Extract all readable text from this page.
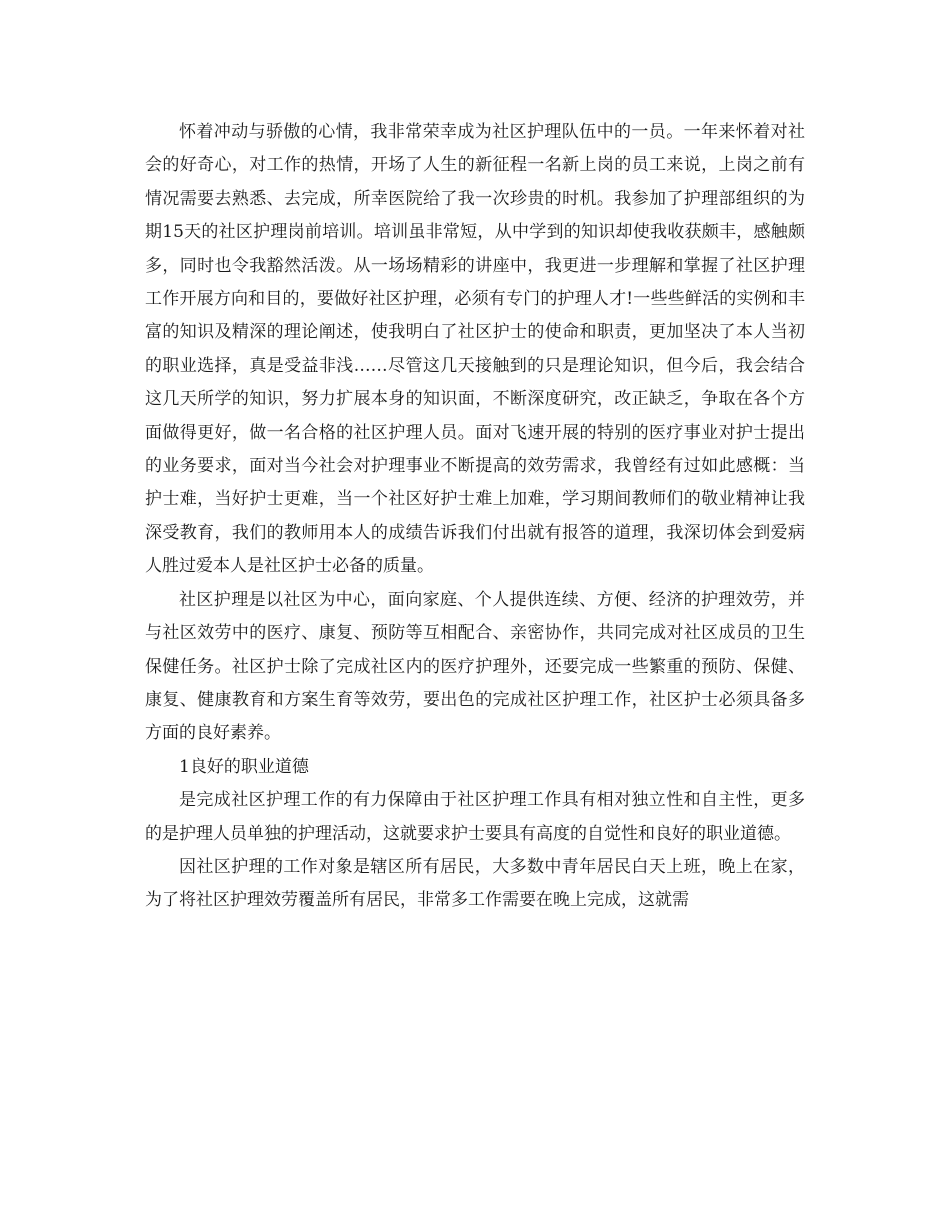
怀着冲动与骄傲的心情，我非常荣幸成为社区护理队伍中的一员。一年来怀着对社会的好奇心，对工作的热情，开场了人生的新征程一名新上岗的员工来说，上岗之前有情况需要去熟悉、去完成，所幸医院给了我一次珍贵的时机。我参加了护理部组织的为期15天的社区护理岗前培训。培训虽非常短，从中学到的知识却使我收获颇丰，感触颇多，同时也令我豁然活泼。从一场场精彩的讲座中，我更进一步理解和掌握了社区护理工作开展方向和目的，要做好社区护理，必须有专门的护理人才!一些些鲜活的实例和丰富的知识及精深的理论阐述，使我明白了社区护士的使命和职责，更加坚决了本人当初的职业选择，真是受益非浅……尽管这几天接触到的只是理论知识，但今后，我会结合这几天所学的知识，努力扩展本身的知识面，不断深度研究，改正缺乏，争取在各个方面做得更好，做一名合格的社区护理人员。面对飞速开展的特别的医疗事业对护士提出的业务要求，面对当今社会对护理事业不断提高的效劳需求，我曾经有过如此感概：当护士难，当好护士更难，当一个社区好护士难上加难，学习期间教师们的敬业精神让我深受教育，我们的教师用本人的成绩告诉我们付出就有报答的道理，我深切体会到爱病人胜过爱本人是社区护士必备的质量。

社区护理是以社区为中心，面向家庭、个人提供连续、方便、经济的护理效劳，并与社区效劳中的医疗、康复、预防等互相配合、亲密协作，共同完成对社区成员的卫生保健任务。社区护士除了完成社区内的医疗护理外，还要完成一些繁重的预防、保健、康复、健康教育和方案生育等效劳，要出色的完成社区护理工作，社区护士必须具备多方面的良好素养。

1良好的职业道德

是完成社区护理工作的有力保障由于社区护理工作具有相对独立性和自主性，更多的是护理人员单独的护理活动，这就要求护士要具有高度的自觉性和良好的职业道德。

因社区护理的工作对象是辖区所有居民，大多数中青年居民白天上班，晚上在家，为了将社区护理效劳覆盖所有居民，非常多工作需要在晚上完成，这就需
